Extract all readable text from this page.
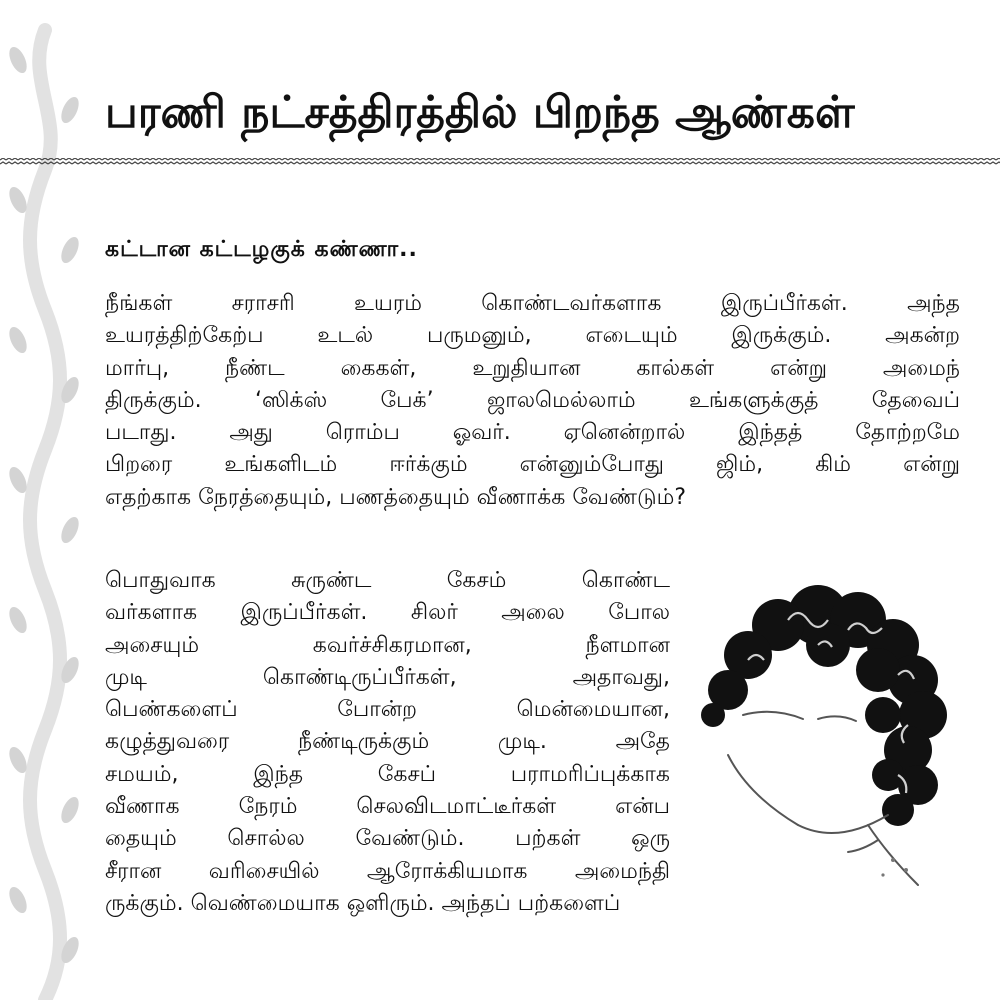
பரணி நட்சத்திரத்தில் பிறந்த ஆண்கள்
கட்டான கட்டழகுக் கண்ணா..
நீங்கள் சராசரி உயரம் கொண்டவர்களாக இருப்பீர்கள். அந்த
உயரத்திற்கேற்ப உடல் பருமனும், எடையும் இருக்கும். அகன்ற
மார்பு, நீண்ட கைகள், உறுதியான கால்கள் என்று அமைந்
திருக்கும். ‘ஸிக்ஸ் பேக்’ ஜாலமெல்லாம் உங்களுக்குத் தேவைப்
படாது. அது ரொம்ப ஓவர். ஏனென்றால் இந்தத் தோற்றமே
பிறரை உங்களிடம் ஈர்க்கும் என்னும்போது ஜிம், கிம் என்று
எதற்காக நேரத்தையும், பணத்தையும் வீணாக்க வேண்டும்?
பொதுவாக சுருண்ட கேசம் கொண்ட
வர்களாக இருப்பீர்கள். சிலர் அலை போல
அசையும் கவர்ச்சிகரமான, நீளமான
முடி கொண்டிருப்பீர்கள், அதாவது,
பெண்களைப் போன்ற மென்மையான,
கழுத்துவரை நீண்டிருக்கும் முடி. அதே
சமயம், இந்த கேசப் பராமரிப்புக்காக
வீணாக நேரம் செலவிடமாட்டீர்கள் என்ப
தையும் சொல்ல வேண்டும். பற்கள் ஒரு
சீரான வரிசையில் ஆரோக்கியமாக அமைந்தி
ருக்கும். வெண்மையாக ஒளிரும். அந்தப் பற்களைப்
